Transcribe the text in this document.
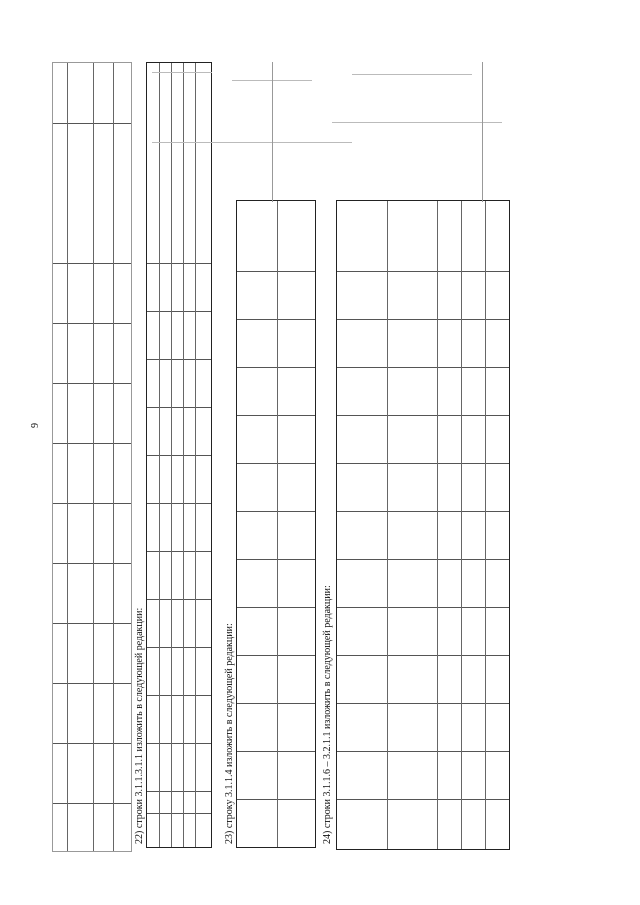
9
22) строки 3.1.1.3.1.1 изложить в следующей редакции:	23) строку 3.1.1.4 изложить в следующей редакции:	24) строки 3.1.1.6 – 3.2.1.1 изложить в следующей редакции:
